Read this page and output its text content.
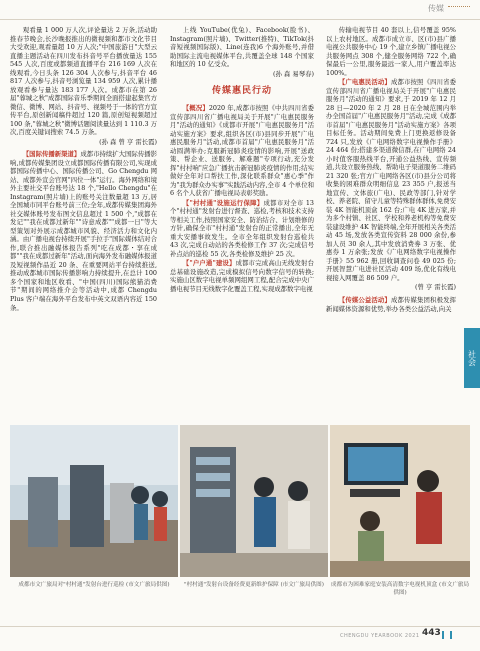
传媒

观看量 1 000 万人次,评论量达 2 万条,活动助推春节晚会,长沙晚报推出的微视频和都市文化节目大受欢迎,观看量超 10 万人次;"中国旅游日"大型云直播主题活动在四川发布抖音号平台播放量达 155 545 人次,百度或都频道直播平台 216 169 人次在线观看,今日头条 126 304 人次参与,抖音平台 46 817 人次参与,抖音号浏览量 134 959 人次,累计播放观看参与量达 183 177 人次。成都市在第 26 届"蓉城之秋"成都国际音乐季期间全面搭建起集官方微信、微博、网站、抖音号、视频号于一体的官方宣传平台,原创新闻稿件超过 120 篇,原创短视频超过 100 条,"蓉城之秋"微博话题阅读量达到 1 110.3 万次,百度关键词搜索 74.5 万条。

(孙 森 曾 亨 雷长霞)

【国际传播新渠道】成都市持续扩大国际传播影响,成都传媒集团设立成都国际传播有限公司,实现成都国际传播中心、国际传播公司、Go Chengdu 网站、成都外宣会官网"四位一体"运行。海外网络和境外主要社交平台账号达 18 个,"Hello Chengdu"在 Instagram(照片墙)上的账号关注数量超 13 万,居全国城市同平台账号前三位;全年,成都传媒集团海外社交媒体账号发布图文信息超过 1 500 个,"成都在发记""我在成都过新年""诗意成都""成都一日"等大型策划对外展示成都城市风貌、经济活力和文化内涵。由广播电视台持续开展"手拉手"国际媒体结对合作,联合推出融媒体报告系列"吃在成都・享在成都""我在成都过新年"活动,面向海外发布融媒体报道及短视频作品近 20 条、在重要网站平台持续推送,推动成都城市国际传播影响力持续提升,在总计 100 多个国家和地区收看、"中国(四川)国际熊猫消费节"期间的网络推介会等活动中,成都 Chengdu Plus 客户端在海外平台发布中英文双语内容近 150 条。

上线 YouTube(优兔)、Facebook(脸书)、Instagram(照片墙)、Twitter(推特)、TikTok(抖音短视频国际版)、Line(连我)6 个海外账号,并借助国际主流电视媒体平台,共覆盖全球 148 个国家和地区的 10 亿受众。

(孙 森 易琴春)

传媒惠民行动

【概况】2020 年,成都市按照《中共四川省委宣传部四川省广播电视局关于开展"广电惠民服务月"活动的通知》《成都市开展"广电惠民服务月"活动实施方案》要求,组织各区(市)县同步开展"广电惠民服务月"活动,成都市首届"广电惠民服务月"活动圆满举办;克服新冠肺炎疫情的影响,开展"送政策、帮企业、送服务、解难题"专项行动,充分发挥"村村响"应急广播抗击新冠肺炎疫情的作用;结实做好全年对口帮扶工作,深化联系群众"惠心季"作为"我为群众办实事"实践活动内容,全市 4 个单位和 6 名个人获省广播电视局表彰奖励。

【"村村通"设施运行保障】成都市对全市 13 个"村村通"发射台进行督查、巡检,考核和技术支持等相关工作,按照国家安全、防治结合、计划维修的方针,确保全市"村村通"发射台的正常播出,全年无重大安播事故发生。全市全年组织发射台巡检共 43 次,完成自动站的各类检修工作 37 次;完成信号补点站的巡检 55 次,各类检修及维护 25 次。

【"户户通"建设】成都市完成高山无线发射台总基础设施改造,完成模拟信号向数字信号的转换;实施山区数字电视单频网组网工程,配合完成中央广播电视节目无线数字化覆盖工程,实现成都数字电视

传输电视节目 40 套以上,信号覆盖 95% 以上农村地区。成都市成立市、区(市)县广播电视公共服务中心 19 个,建立乡镇广播电视公共服务网点 308 个,健全服务网络 722 个,确保最后一公里,服务最远一家人,用户覆盖率达 100%。

【广电惠民活动】成都市按照《四川省委宣传部四川省广播电视局关于开展"广电惠民服务月"活动的通知》要求,于 2019 年 12 月 28 日—2020 年 2 月 28 日在全城范围内举办全国首届"广电惠民服务月"活动,完成《成都市首届"广电惠民服务月"活动实施方案》各项目标任务。活动期间免费上门更换返修设备 724 只,发放《广电网络数字电视操作手册》24 464 份;搭建多渠道微信群,在广电网络 24 小时值客服热线平台,开通公益热线、宣传频道,共设立服务热线、帮助电子渠道服务二维码 21 320 张;官方广电网络各区(市)县分公司将收集的困难群众明细信息 23 355 户,报送当地宣传、文体旅(广电)、民政等部门,针对学校、养老院、留守儿童等特殊群体群体,免费安装 4K 智能机顶盒 162 台;广电 4K 进万家,并为多个村镇、社区、学校和养老机构等免费安装建设维护 4K 智能终端,全年开展相关各类活动 45 场,发放各类宣传资料 28 000 余份,参加人员 30 余人,其中发放消费劵 3 万张、优惠券 1 万余张;发放《广电网络数字电视操作手册》55 962 册,回收调查问卷 49 025 份;开展智慧广电进社区活动 409 场,优化有线电视接入网覆盖 86 509 户。

(曾 亨 雷长霞)

【传媒公益活动】成都传媒集团积极发挥新闻媒体资源和优势,举办各类公益活动,向关

社会
成都市文广旅局对"村村通"发射台进行巡检 (市文广旅局供图)	"村村通"发射台设备经费更新维护保障 (市文广旅局供图)	成都市为困难家庭安装高清数字电视机顶盒 (市文广旅局供图)
CHENGDU YEARBOOK 2021 443
